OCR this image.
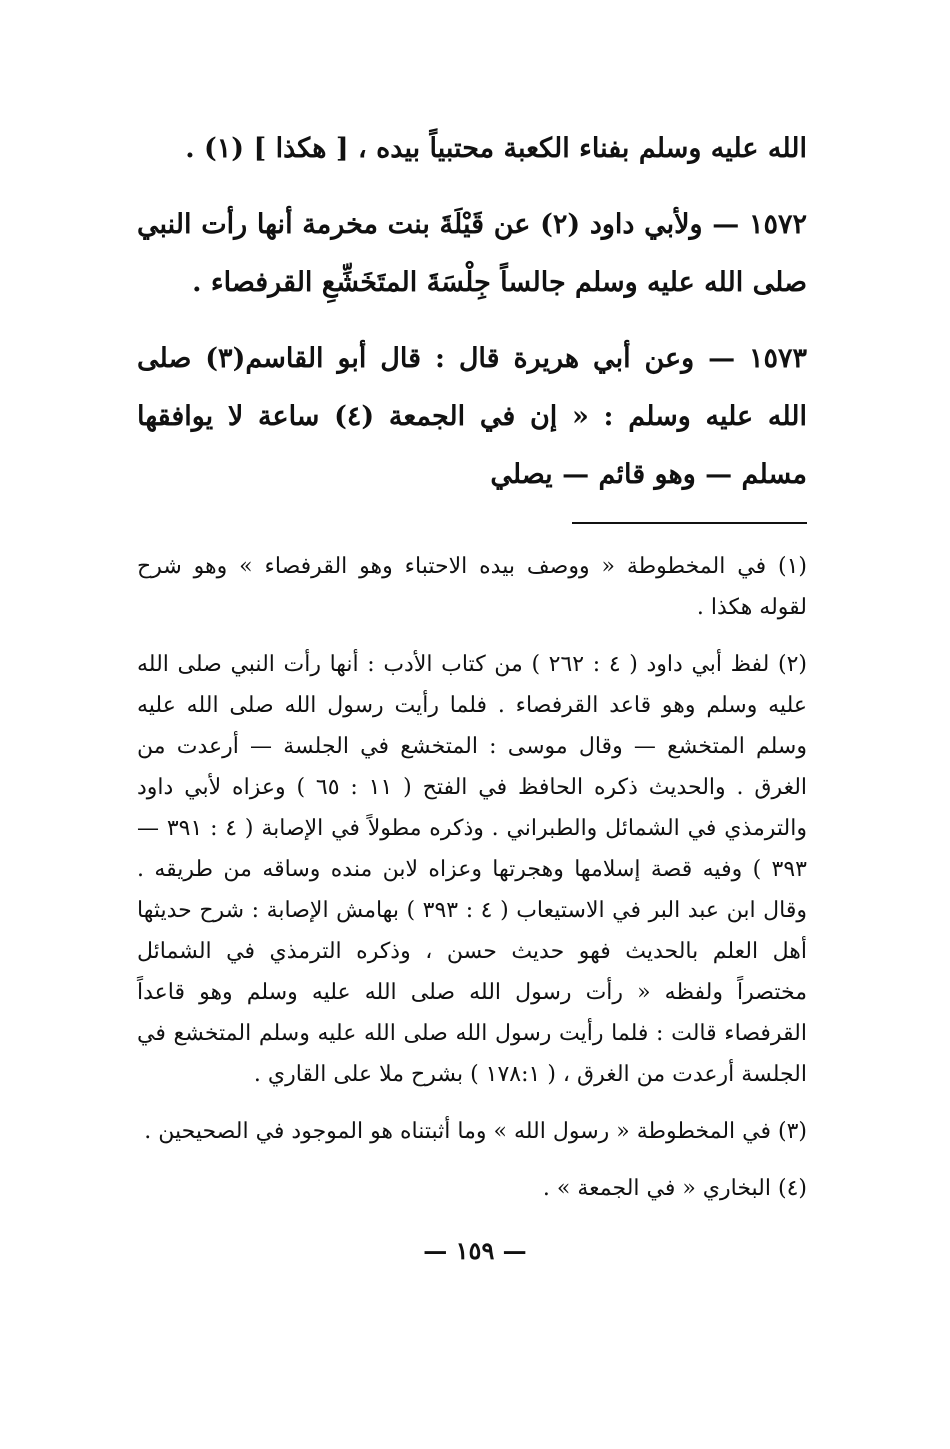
الله عليه وسلم بفناء الكعبة محتبياً بيده ، [ هكذا ] (١) .

١٥٧٢ — ولأبي داود (٢) عن قَيْلَةَ بنت مخرمة أنها رأت النبي صلى الله عليه وسلم جالساً جِلْسَةَ المتَخَشِّعِ القرفصاء .

١٥٧٣ — وعن أبي هريرة قال : قال أبو القاسم(٣) صلى الله عليه وسلم : « إن في الجمعة (٤) ساعة لا يوافقها مسلم — وهو قائم — يصلي

(١) في المخطوطة « ووصف بيده الاحتباء وهو القرفصاء » وهو شرح لقوله هكذا .

(٢) لفظ أبي داود ( ٤ : ٢٦٢ ) من كتاب الأدب : أنها رأت النبي صلى الله عليه وسلم وهو قاعد القرفصاء . فلما رأيت رسول الله صلى الله عليه وسلم المتخشع — وقال موسى : المتخشع في الجلسة — أرعدت من الغرق . والحديث ذكره الحافظ في الفتح ( ١١ : ٦٥ ) وعزاه لأبي داود والترمذي في الشمائل والطبراني . وذكره مطولاً في الإصابة ( ٤ : ٣٩١ — ٣٩٣ ) وفيه قصة إسلامها وهجرتها وعزاه لابن منده وساقه من طريقه . وقال ابن عبد البر في الاستيعاب ( ٤ : ٣٩٣ ) بهامش الإصابة : شرح حديثها أهل العلم بالحديث فهو حديث حسن ، وذكره الترمذي في الشمائل مختصراً ولفظه « رأت رسول الله صلى الله عليه وسلم وهو قاعداً القرفصاء قالت : فلما رأيت رسول الله صلى الله عليه وسلم المتخشع في الجلسة أرعدت من الغرق ، ( ١٧٨:١ ) بشرح ملا على القاري .

(٣) في المخطوطة « رسول الله » وما أثبتناه هو الموجود في الصحيحين .

(٤) البخاري « في الجمعة » .

— ١٥٩ —
